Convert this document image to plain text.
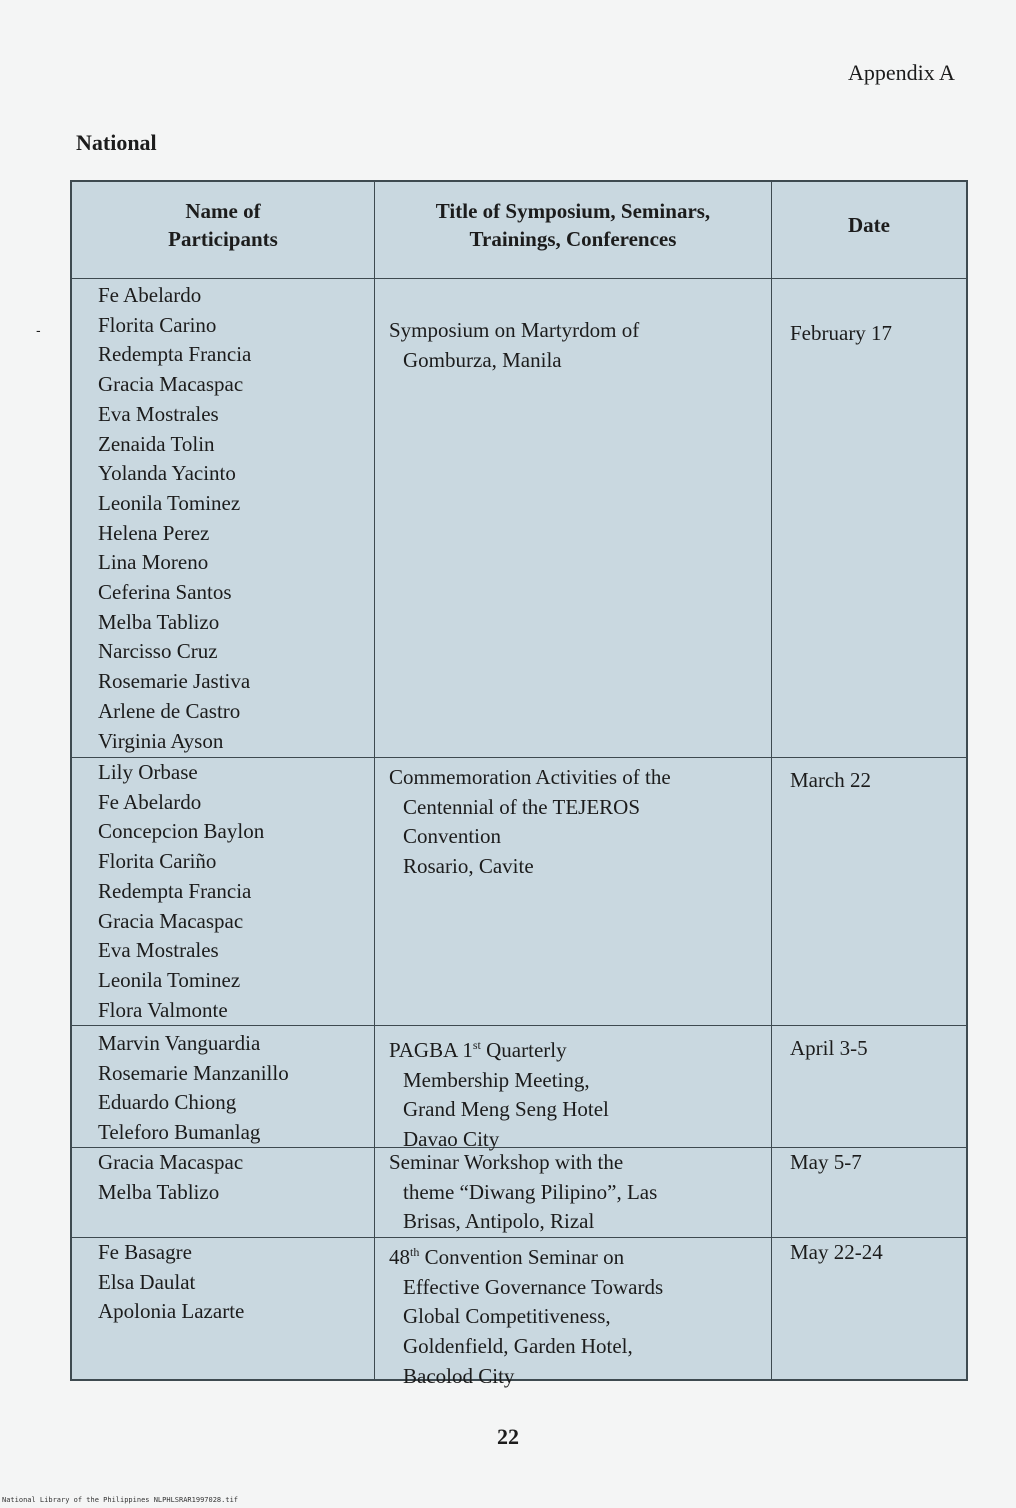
Appendix A
National
-
Name of
Participants
Title of Symposium, Seminars,
Trainings, Conferences
Date
Fe Abelardo
Florita Carino
Redempta Francia
Gracia Macaspac
Eva Mostrales
Zenaida Tolin
Yolanda Yacinto
Leonila Tominez
Helena Perez
Lina Moreno
Ceferina Santos
Melba Tablizo
Narcisso Cruz
Rosemarie Jastiva
Arlene de Castro
Virginia Ayson
Symposium on Martyrdom of
Gomburza, Manila
February 17
Lily Orbase
Fe Abelardo
Concepcion Baylon
Florita Cariño
Redempta Francia
Gracia Macaspac
Eva Mostrales
Leonila Tominez
Flora Valmonte
Commemoration Activities of the
Centennial of the TEJEROS
Convention
Rosario, Cavite
March 22
Marvin Vanguardia
Rosemarie Manzanillo
Eduardo Chiong
Teleforo Bumanlag
PAGBA 1st Quarterly
Membership Meeting,
Grand Meng Seng Hotel
Davao City
April 3-5
Gracia Macaspac
Melba Tablizo
Seminar Workshop with the
theme “Diwang Pilipino”, Las
Brisas, Antipolo, Rizal
May 5-7
Fe Basagre
Elsa Daulat
Apolonia Lazarte
48th Convention Seminar on
Effective Governance Towards
Global Competitiveness,
Goldenfield, Garden Hotel,
Bacolod City
May 22-24
22
National Library of the Philippines NLPHLSRAR1997028.tif
